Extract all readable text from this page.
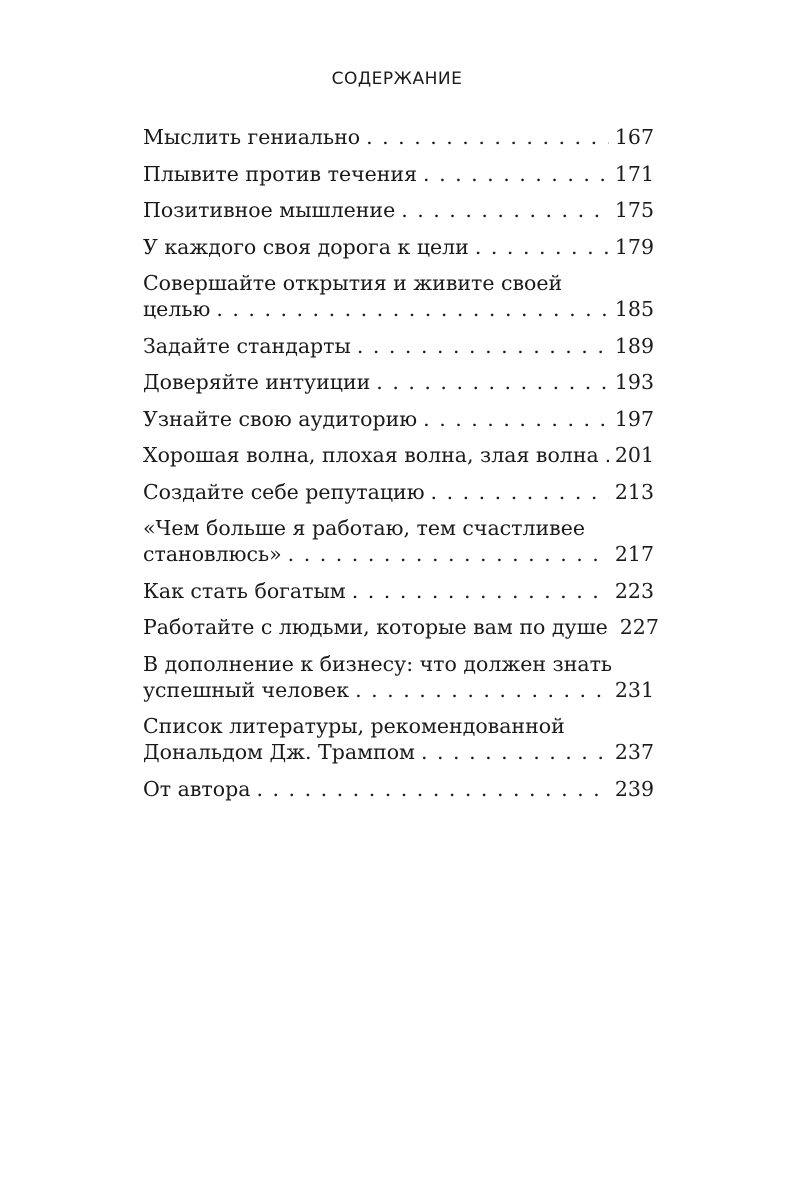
СОДЕРЖАНИЕ
Мыслить гениально . . .	167
Плывите против течения . . .	171
Позитивное мышление . . .	175
У каждого своя дорога к цели . . .	179
Совершайте открытия и живите своей
целью . . .	185
Задайте стандарты . . .	189
Доверяйте интуиции . . .	193
Узнайте свою аудиторию . . .	197
Хорошая волна, плохая волна, злая волна . . . 201
Создайте себе репутацию . . .	213
«Чем больше я работаю, тем счастливее
становлюсь» . . .	217
Как стать богатым . . .	223
Работайте с людьми, которые вам по душе 227
В дополнение к бизнесу: что должен знать
успешный человек . . .	231
Список литературы, рекомендованной
Дональдом Дж. Трампом . . .	237
От автора . . .	239
